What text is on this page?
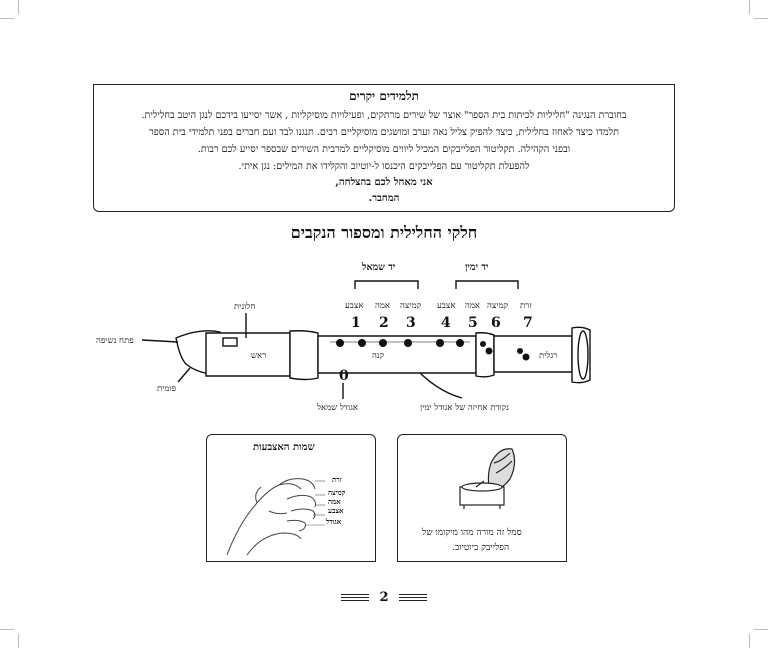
תלמידים יקרים
בחוברת הנגינה "חליליות לכיתות בית הספר" אוצר של שירים מרתקים, ופעילויות מוסיקליות , אשר יסייעו בידכם לנגן היטב בחלילית.
תלמדו כיצד לאחוז בחלילית, כיצד להפיק צליל נאה וערב ומושגים מוסיקליים רבים. תנגנו לבד ועם חברים בפני תלמידי בית הספר
ובפני הקהילה. תקליטור הפלייבקים המכיל ליווים מוסיקליים למרבית השירים שבספר יסייע לכם רבות.
להפעלת תקליטור עם הפלייבקים היכנסו ל-יוטיוב והקלידו את המילים: נגן איתי.
אני מאחל לכם בהצלחה,
המחבר.
חלקי החלילית ומספור הנקבים
יד שמאל	יד ימין
אצבע אמה קמיצה אצבע אמה קמיצה זרת
1 2 3 4 5 6 7
0
חלונית
פתח נשיפה
פומית
ראש	קנה	רגלית
אגודל שמאל	נקודת אחיזה של אגודל ימין
שמות האצבעות
זרת
קמיצה
אמה
אצבע
אגודל
סמל זה מורה מהו מיקומו של
הפלייבק ביוטיוב.
2
